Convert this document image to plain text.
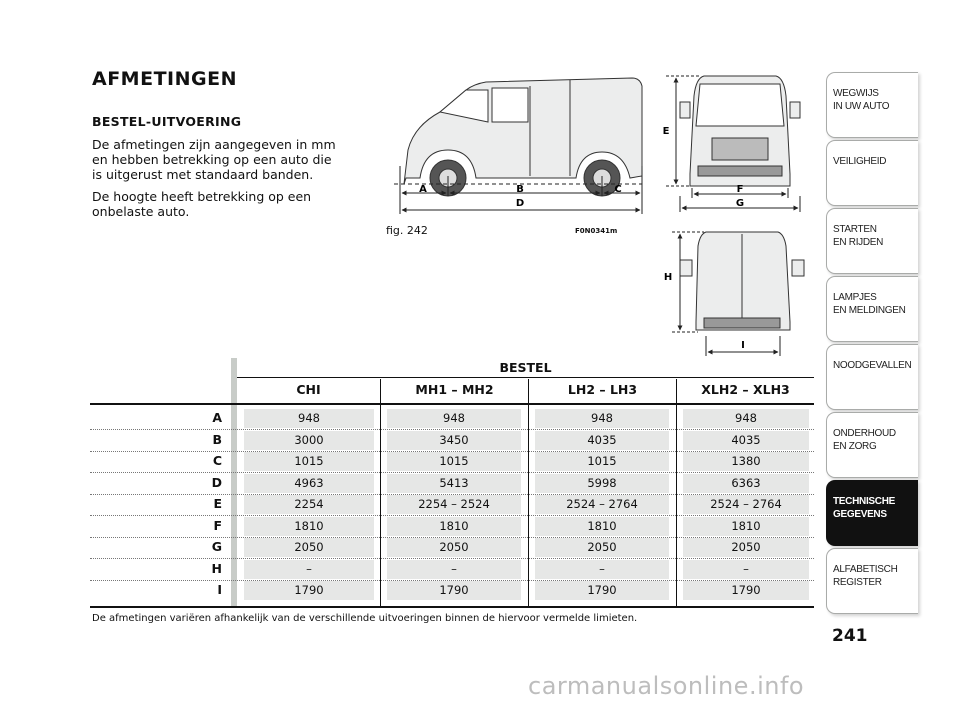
AFMETINGEN
BESTEL-UITVOERING
De afmetingen zijn aangegeven in mm en hebben betrekking op een auto die is uitgerust met standaard banden.
De hoogte heeft betrekking op een onbelaste auto.
A	B	C
D
E
F
G
H
I
fig. 242	F0N0341m
BESTEL
CHI	MH1 – MH2	LH2 – LH3	XLH2 – XLH3
A	948	948	948	948
B	3000	3450	4035	4035
C	1015	1015	1015	1380
D	4963	5413	5998	6363
E	2254	2254 – 2524	2524 – 2764	2524 – 2764
F	1810	1810	1810	1810
G	2050	2050	2050	2050
H	–	–	–	–
I	1790	1790	1790	1790
De afmetingen variëren afhankelijk van de verschillende uitvoeringen binnen de hiervoor vermelde limieten.
WEGWIJS
IN UW AUTO
VEILIGHEID
STARTEN
EN RIJDEN
LAMPJES
EN MELDINGEN
NOODGEVALLEN
ONDERHOUD
EN ZORG
TECHNISCHE
GEGEVENS
ALFABETISCH
REGISTER
241
carmanualsonline.info
